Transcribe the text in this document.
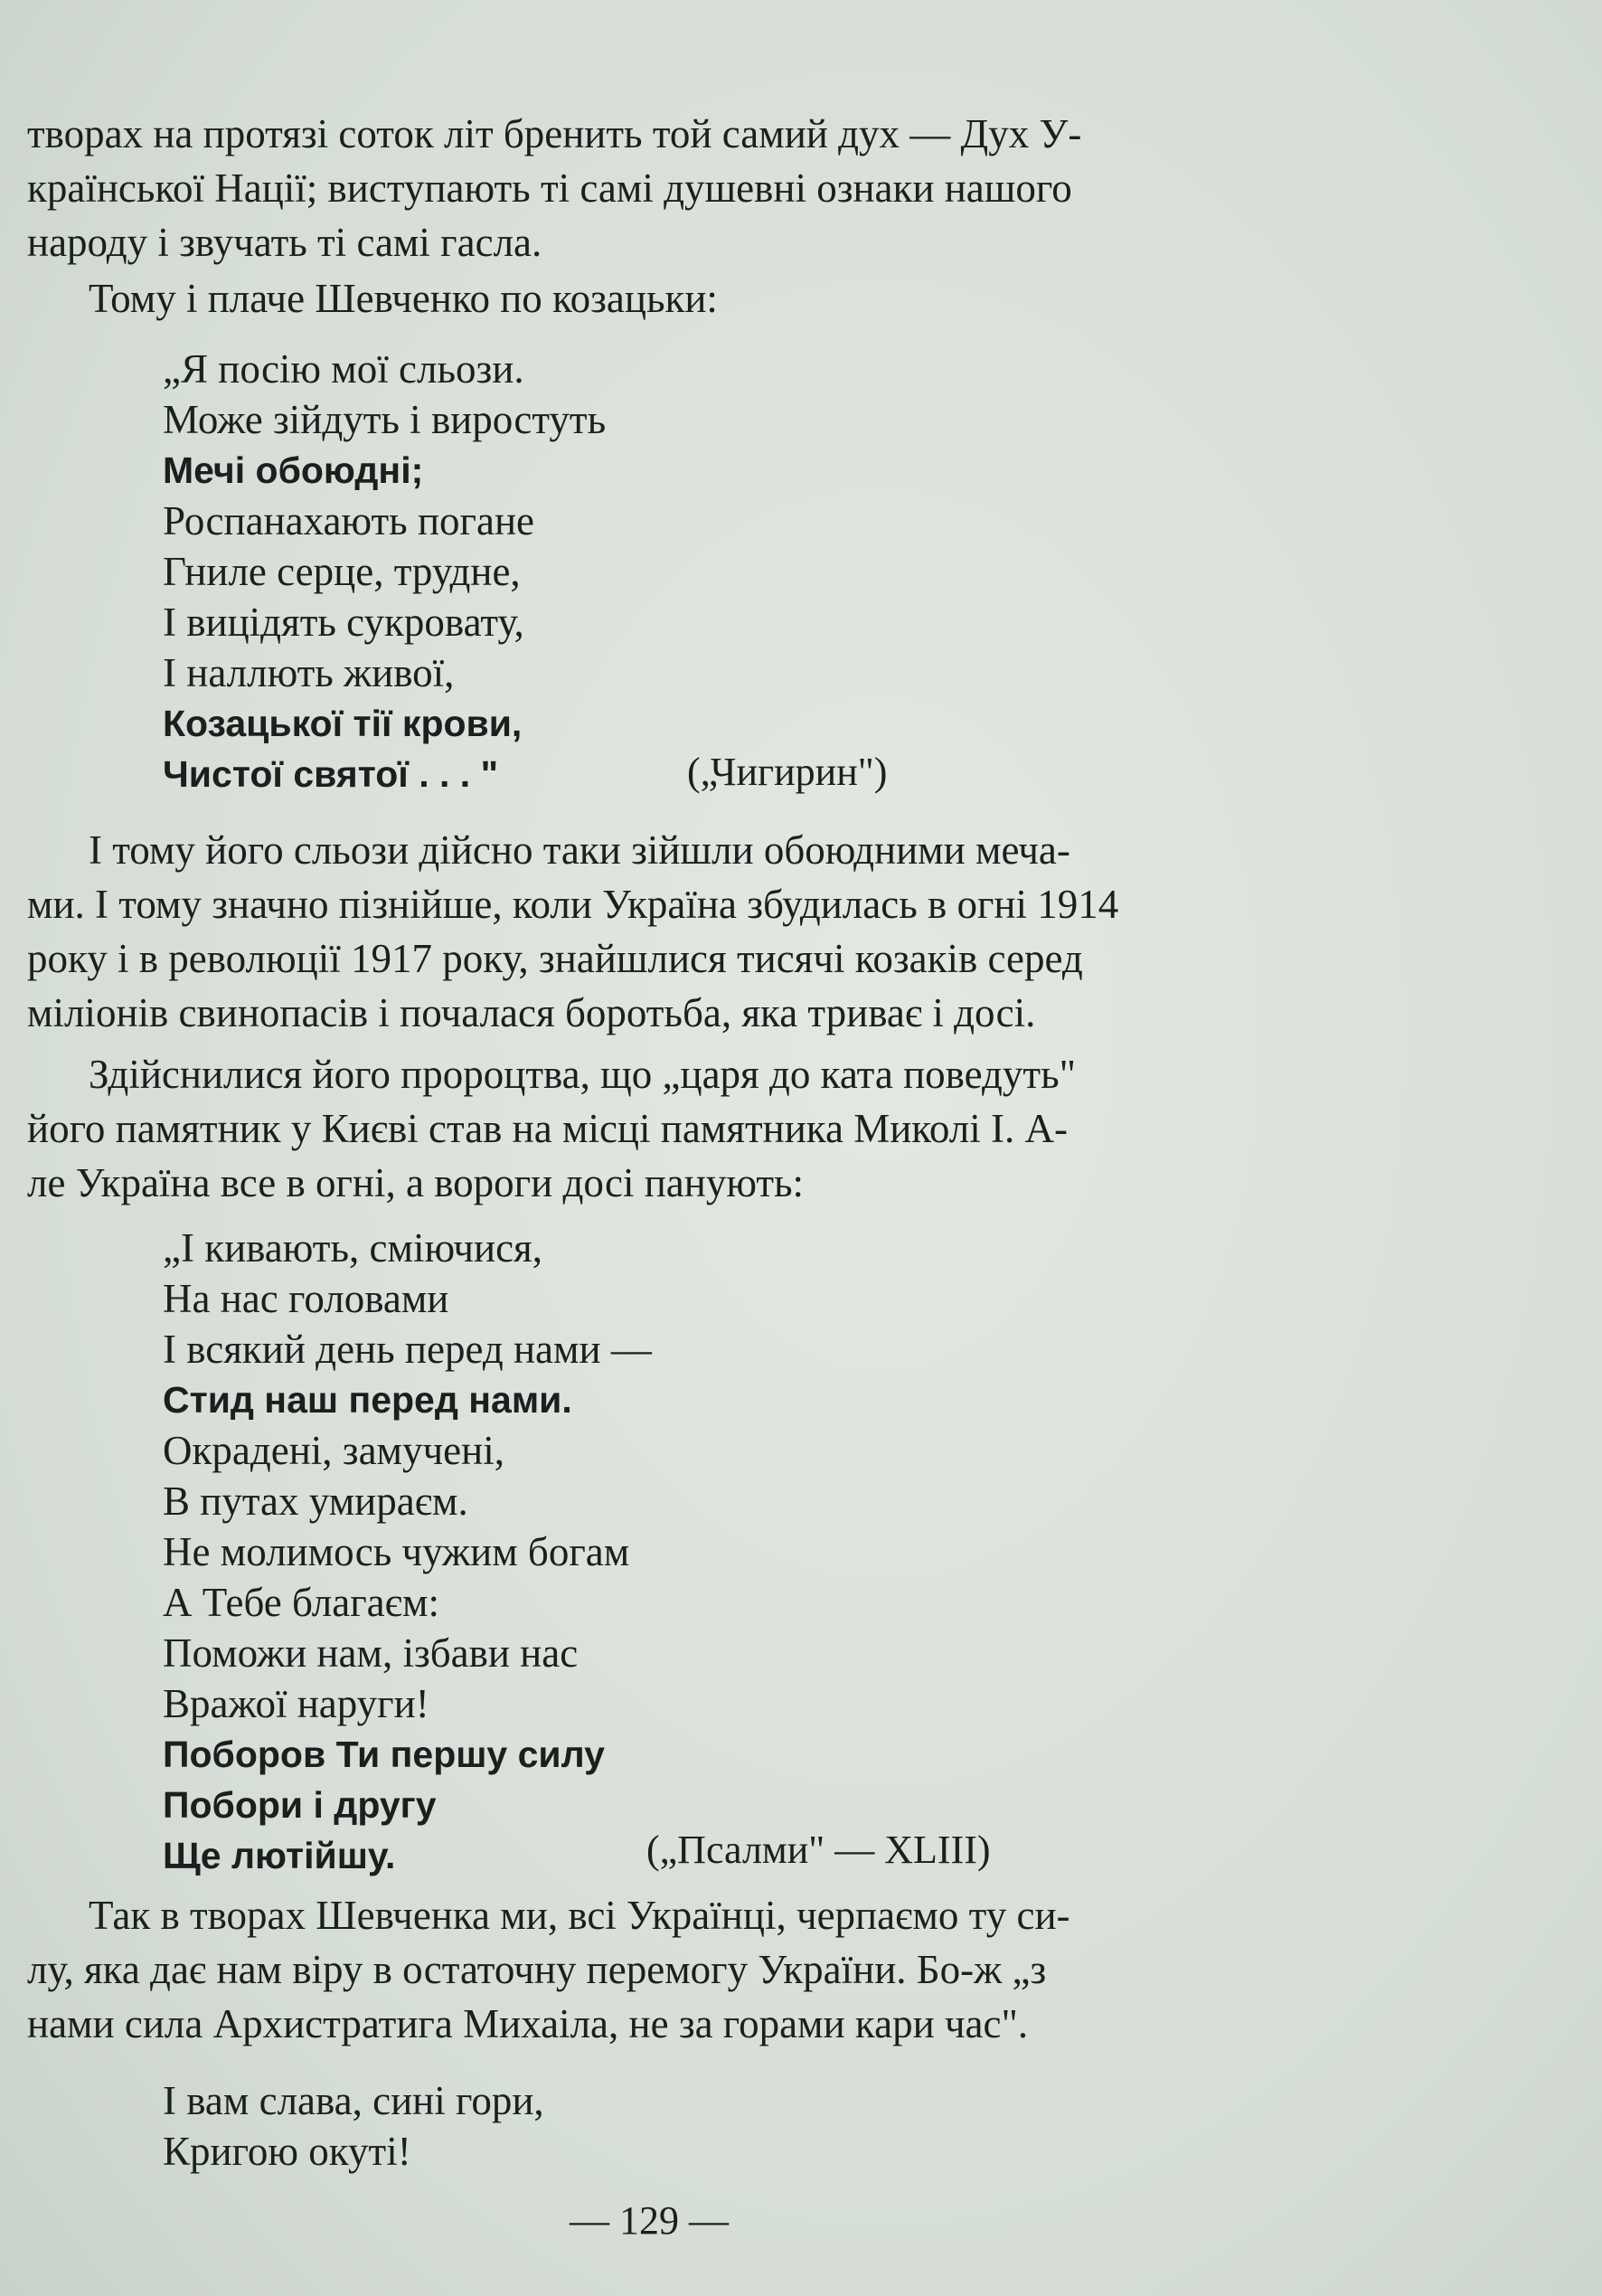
творах на протязі соток літ бренить той самий дух — Дух У-
країнської Нації; виступають ті самі душевні ознаки нашого
народу і звучать ті самі гасла.

Тому і плаче Шевченко по козацьки:

„Я посію мої сльози.
Може зійдуть і виростуть
Мечі обоюдні;
Роспанахають погане
Гниле серце, трудне,
І вицідять сукровату,
І наллють живої,
Козацької тії крови,
Чистої святої . . . "	(„Чигирин")

І тому його сльози дійсно таки зійшли обоюдними меча-
ми. І тому значно пізнійше, коли Україна збудилась в огні 1914
року і в революції 1917 року, знайшлися тисячі козаків серед
міліонів свинопасів і почалася боротьба, яка триває і досі.

Здійснилися його пророцтва, що „царя до ката поведуть"
його памятник у Києві став на місці памятника Миколі І. А-
ле Україна все в огні, а вороги досі панують:

„І кивають, сміючися,
На нас головами
І всякий день перед нами —
Стид наш перед нами.
Окрадені, замучені,
В путах умираєм.
Не молимось чужим богам
А Тебе благаєм:
Поможи нам, ізбави нас
Вражої наруги!
Поборов Ти першу силу
Побори і другу
Ще лютійшу.	(„Псалми" — XLIII)

Так в творах Шевченка ми, всі Українці, черпаємо ту си-
лу, яка дає нам віру в остаточну перемогу України. Бо-ж „з
нами сила Архистратига Михаіла, не за горами кари час".

І вам слава, сині гори,
Кригою окуті!
— 129 —
